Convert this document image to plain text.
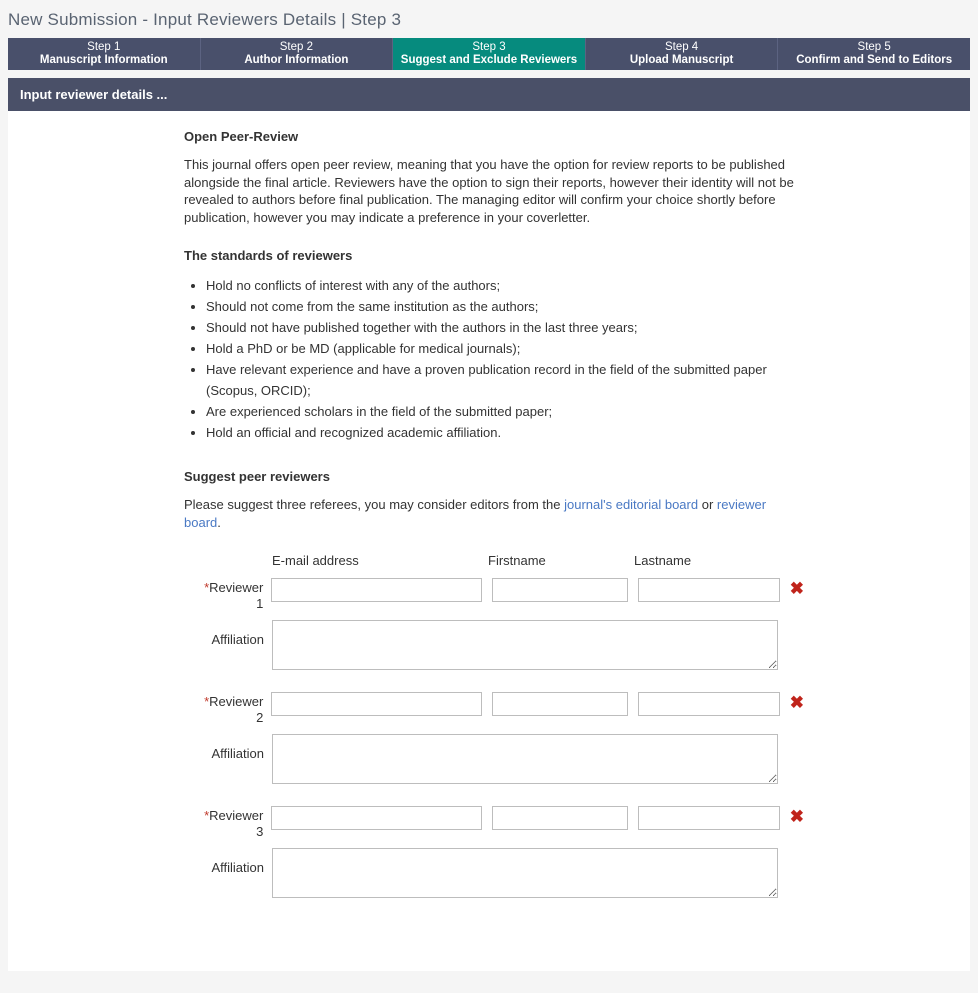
New Submission - Input Reviewers Details | Step 3
Step 1
Manuscript Information
Step 2
Author Information
Step 3
Suggest and Exclude Reviewers
Step 4
Upload Manuscript
Step 5
Confirm and Send to Editors
Input reviewer details ...
Open Peer-Review

This journal offers open peer review, meaning that you have the option for review reports to be published alongside the final article. Reviewers have the option to sign their reports, however their identity will not be revealed to authors before final publication. The managing editor will confirm your choice shortly before publication, however you may indicate a preference in your coverletter.

The standards of reviewers
• Hold no conflicts of interest with any of the authors;
• Should not come from the same institution as the authors;
• Should not have published together with the authors in the last three years;
• Hold a PhD or be MD (applicable for medical journals);
• Have relevant experience and have a proven publication record in the field of the submitted paper (Scopus, ORCID);
• Are experienced scholars in the field of the submitted paper;
• Hold an official and recognized academic affiliation.
Suggest peer reviewers

Please suggest three referees, you may consider editors from the journal's editorial board or reviewer board.

E-mail address	Firstname	Lastname
*Reviewer
1
✖
Affiliation
*Reviewer
2
✖
Affiliation
*Reviewer
3
✖
Affiliation
